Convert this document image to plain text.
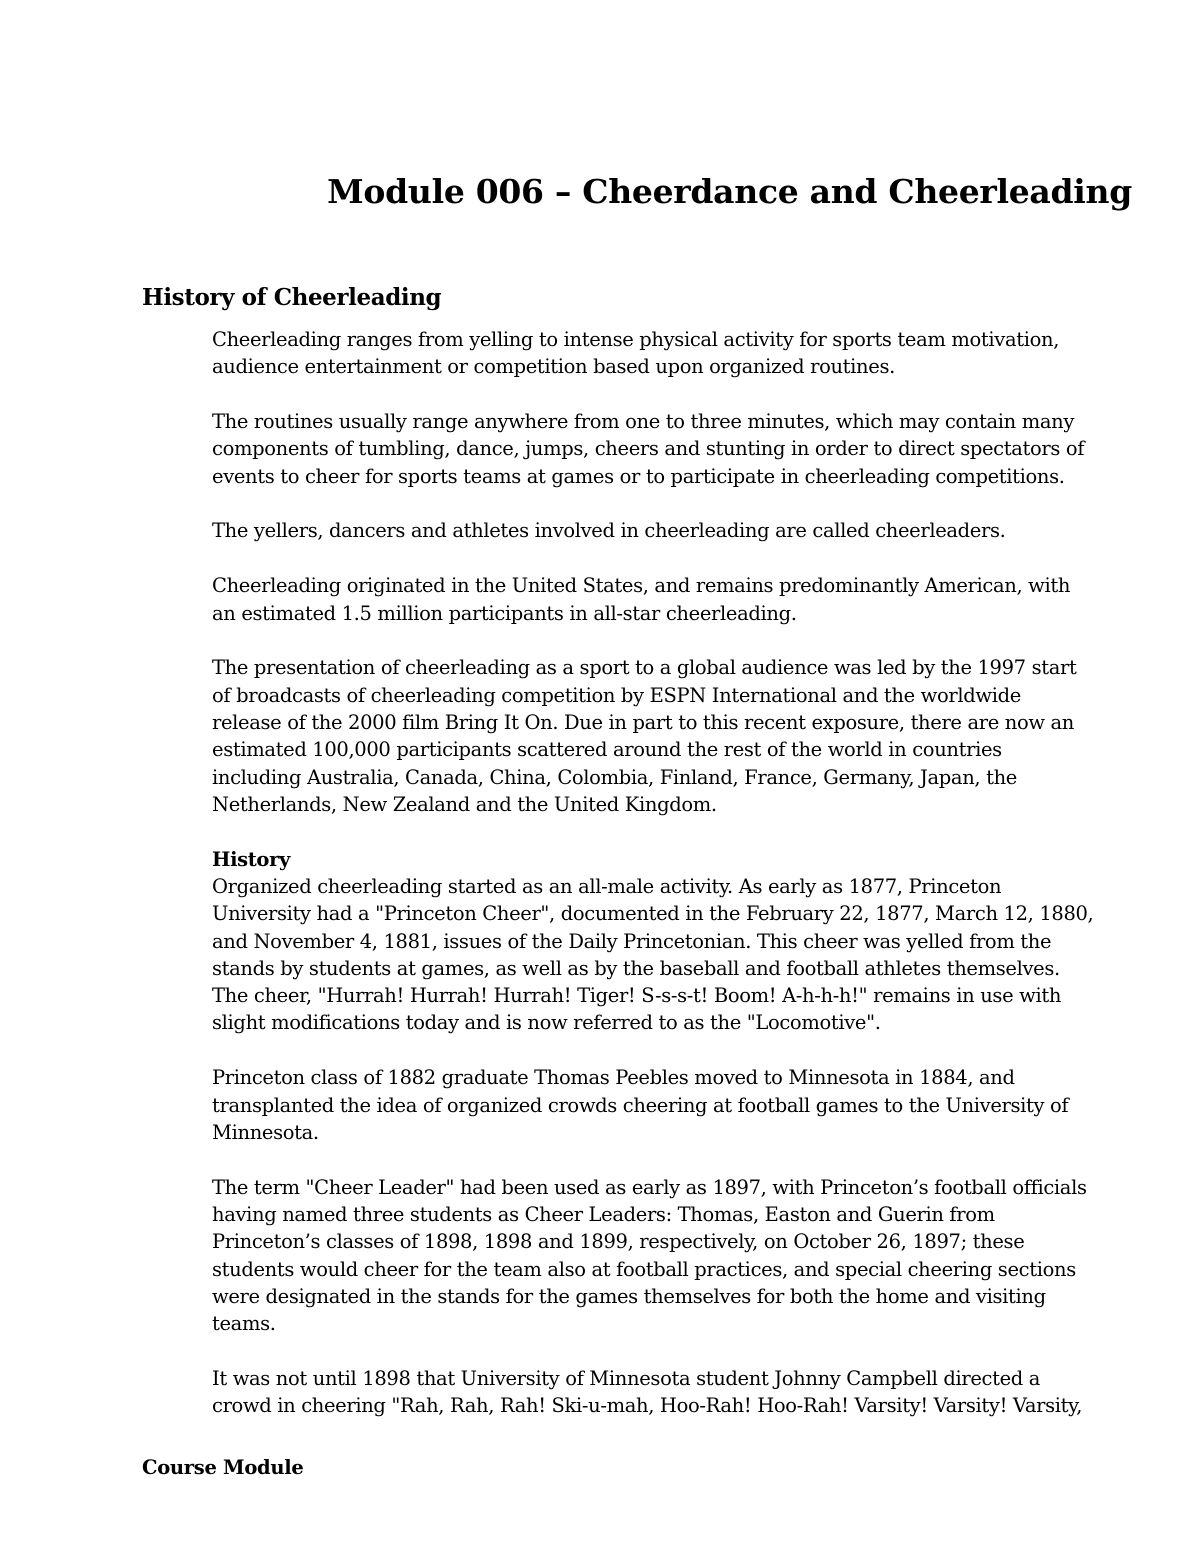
Module 006 – Cheerdance and Cheerleading
History of Cheerleading

Cheerleading ranges from yelling to intense physical activity for sports team motivation,
audience entertainment or competition based upon organized routines.

The routines usually range anywhere from one to three minutes, which may contain many
components of tumbling, dance, jumps, cheers and stunting in order to direct spectators of
events to cheer for sports teams at games or to participate in cheerleading competitions.

The yellers, dancers and athletes involved in cheerleading are called cheerleaders.

Cheerleading originated in the United States, and remains predominantly American, with
an estimated 1.5 million participants in all-star cheerleading.

The presentation of cheerleading as a sport to a global audience was led by the 1997 start
of broadcasts of cheerleading competition by ESPN International and the worldwide
release of the 2000 film Bring It On. Due in part to this recent exposure, there are now an
estimated 100,000 participants scattered around the rest of the world in countries
including Australia, Canada, China, Colombia, Finland, France, Germany, Japan, the
Netherlands, New Zealand and the United Kingdom.

History

Organized cheerleading started as an all-male activity. As early as 1877, Princeton
University had a "Princeton Cheer", documented in the February 22, 1877, March 12, 1880,
and November 4, 1881, issues of the Daily Princetonian. This cheer was yelled from the
stands by students at games, as well as by the baseball and football athletes themselves.
The cheer, "Hurrah! Hurrah! Hurrah! Tiger! S-s-s-t! Boom! A-h-h-h!" remains in use with
slight modifications today and is now referred to as the "Locomotive".

Princeton class of 1882 graduate Thomas Peebles moved to Minnesota in 1884, and
transplanted the idea of organized crowds cheering at football games to the University of
Minnesota.

The term "Cheer Leader" had been used as early as 1897, with Princeton’s football officials
having named three students as Cheer Leaders: Thomas, Easton and Guerin from
Princeton’s classes of 1898, 1898 and 1899, respectively, on October 26, 1897; these
students would cheer for the team also at football practices, and special cheering sections
were designated in the stands for the games themselves for both the home and visiting
teams.

It was not until 1898 that University of Minnesota student Johnny Campbell directed a
crowd in cheering "Rah, Rah, Rah! Ski-u-mah, Hoo-Rah! Hoo-Rah! Varsity! Varsity! Varsity,

Course Module
